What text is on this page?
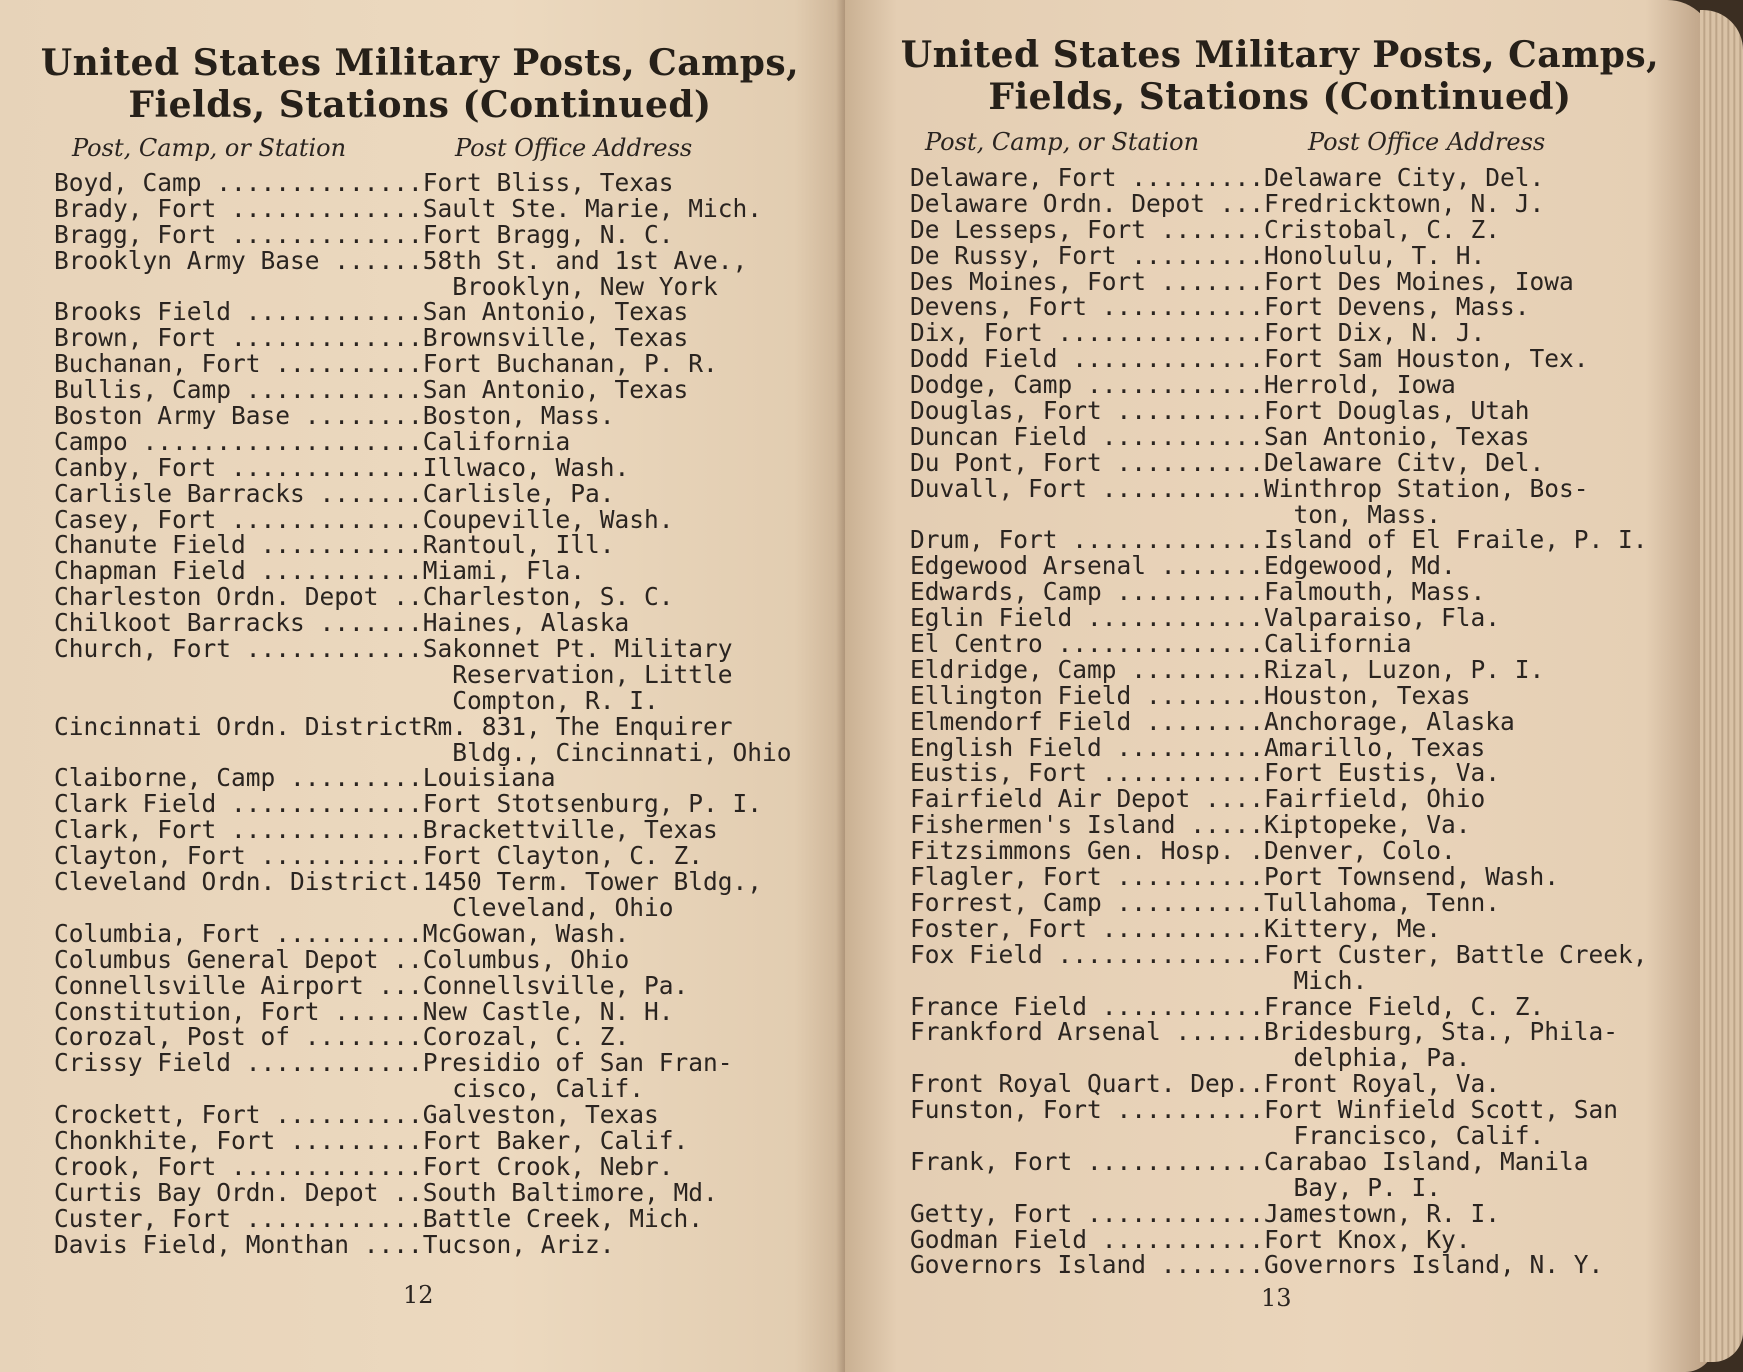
United States Military Posts, Camps,
Fields, Stations (Continued)
Post, Camp, or Station	Post Office Address
Boyd, Camp ..............Fort Bliss, Texas
Brady, Fort .............Sault Ste. Marie, Mich.
Bragg, Fort .............Fort Bragg, N. C.
Brooklyn Army Base ......58th St. and 1st Ave.,
Brooklyn, New York
Brooks Field ............San Antonio, Texas
Brown, Fort .............Brownsville, Texas
Buchanan, Fort ..........Fort Buchanan, P. R.
Bullis, Camp ............San Antonio, Texas
Boston Army Base ........Boston, Mass.
Campo ...................California
Canby, Fort .............Illwaco, Wash.
Carlisle Barracks .......Carlisle, Pa.
Casey, Fort .............Coupeville, Wash.
Chanute Field ...........Rantoul, Ill.
Chapman Field ...........Miami, Fla.
Charleston Ordn. Depot ..Charleston, S. C.
Chilkoot Barracks .......Haines, Alaska
Church, Fort ............Sakonnet Pt. Military
Reservation, Little
Compton, R. I.
Cincinnati Ordn. DistrictRm. 831, The Enquirer
Bldg., Cincinnati, Ohio
Claiborne, Camp .........Louisiana
Clark Field .............Fort Stotsenburg, P. I.
Clark, Fort .............Brackettville, Texas
Clayton, Fort ...........Fort Clayton, C. Z.
Cleveland Ordn. District.1450 Term. Tower Bldg.,
Cleveland, Ohio
Columbia, Fort ..........McGowan, Wash.
Columbus General Depot ..Columbus, Ohio
Connellsville Airport ...Connellsville, Pa.
Constitution, Fort ......New Castle, N. H.
Corozal, Post of ........Corozal, C. Z.
Crissy Field ............Presidio of San Fran-
cisco, Calif.
Crockett, Fort ..........Galveston, Texas
Chonkhite, Fort .........Fort Baker, Calif.
Crook, Fort .............Fort Crook, Nebr.
Curtis Bay Ordn. Depot ..South Baltimore, Md.
Custer, Fort ............Battle Creek, Mich.
Davis Field, Monthan ....Tucson, Ariz.
12
United States Military Posts, Camps,
Fields, Stations (Continued)
Post, Camp, or Station	Post Office Address
Delaware, Fort .........Delaware City, Del.
Delaware Ordn. Depot ...Fredricktown, N. J.
De Lesseps, Fort .......Cristobal, C. Z.
De Russy, Fort .........Honolulu, T. H.
Des Moines, Fort .......Fort Des Moines, Iowa
Devens, Fort ...........Fort Devens, Mass.
Dix, Fort ..............Fort Dix, N. J.
Dodd Field .............Fort Sam Houston, Tex.
Dodge, Camp ............Herrold, Iowa
Douglas, Fort ..........Fort Douglas, Utah
Duncan Field ...........San Antonio, Texas
Du Pont, Fort ..........Delaware Citv, Del.
Duvall, Fort ...........Winthrop Station, Bos-
ton, Mass.
Drum, Fort .............Island of El Fraile, P. I.
Edgewood Arsenal .......Edgewood, Md.
Edwards, Camp ..........Falmouth, Mass.
Eglin Field ............Valparaiso, Fla.
El Centro ..............California
Eldridge, Camp .........Rizal, Luzon, P. I.
Ellington Field ........Houston, Texas
Elmendorf Field ........Anchorage, Alaska
English Field ..........Amarillo, Texas
Eustis, Fort ...........Fort Eustis, Va.
Fairfield Air Depot ....Fairfield, Ohio
Fishermen's Island .....Kiptopeke, Va.
Fitzsimmons Gen. Hosp. .Denver, Colo.
Flagler, Fort ..........Port Townsend, Wash.
Forrest, Camp ..........Tullahoma, Tenn.
Foster, Fort ...........Kittery, Me.
Fox Field ..............Fort Custer, Battle Creek,
Mich.
France Field ...........France Field, C. Z.
Frankford Arsenal ......Bridesburg, Sta., Phila-
delphia, Pa.
Front Royal Quart. Dep..Front Royal, Va.
Funston, Fort ..........Fort Winfield Scott, San
Francisco, Calif.
Frank, Fort ............Carabao Island, Manila
Bay, P. I.
Getty, Fort ............Jamestown, R. I.
Godman Field ...........Fort Knox, Ky.
Governors Island .......Governors Island, N. Y.
13
